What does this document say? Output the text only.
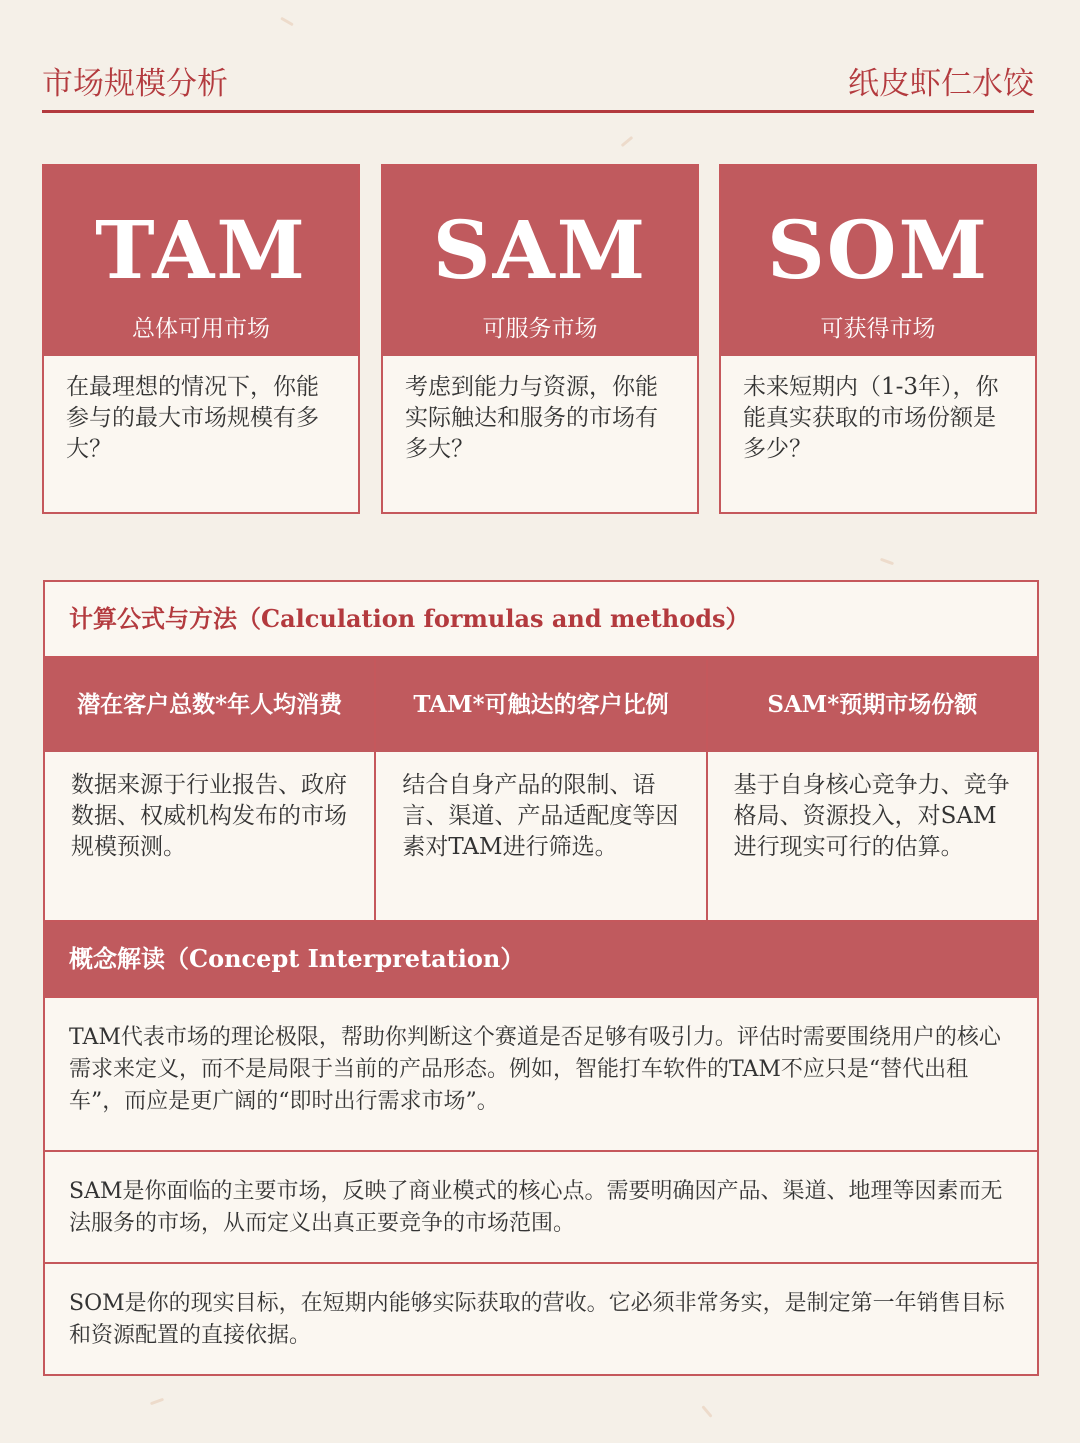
市场规模分析	纸皮虾仁水饺
TAM
总体可用市场
在最理想的情况下，你能参与的最大市场规模有多大？
SAM
可服务市场
考虑到能力与资源，你能实际触达和服务的市场有多大？
SOM
可获得市场
未来短期内（1-3年），你能真实获取的市场份额是多少？
计算公式与方法（Calculation formulas and methods）
潜在客户总数*年人均消费
数据来源于行业报告、政府数据、权威机构发布的市场规模预测。
TAM*可触达的客户比例
结合自身产品的限制、语言、渠道、产品适配度等因素对TAM进行筛选。
SAM*预期市场份额
基于自身核心竞争力、竞争格局、资源投入，对SAM进行现实可行的估算。
概念解读（Concept Interpretation）
TAM代表市场的理论极限，帮助你判断这个赛道是否足够有吸引力。评估时需要围绕用户的核心需求来定义，而不是局限于当前的产品形态。例如，智能打车软件的TAM不应只是“替代出租车”，而应是更广阔的“即时出行需求市场”。
SAM是你面临的主要市场，反映了商业模式的核心点。需要明确因产品、渠道、地理等因素而无法服务的市场，从而定义出真正要竞争的市场范围。
SOM是你的现实目标，在短期内能够实际获取的营收。它必须非常务实，是制定第一年销售目标和资源配置的直接依据。
